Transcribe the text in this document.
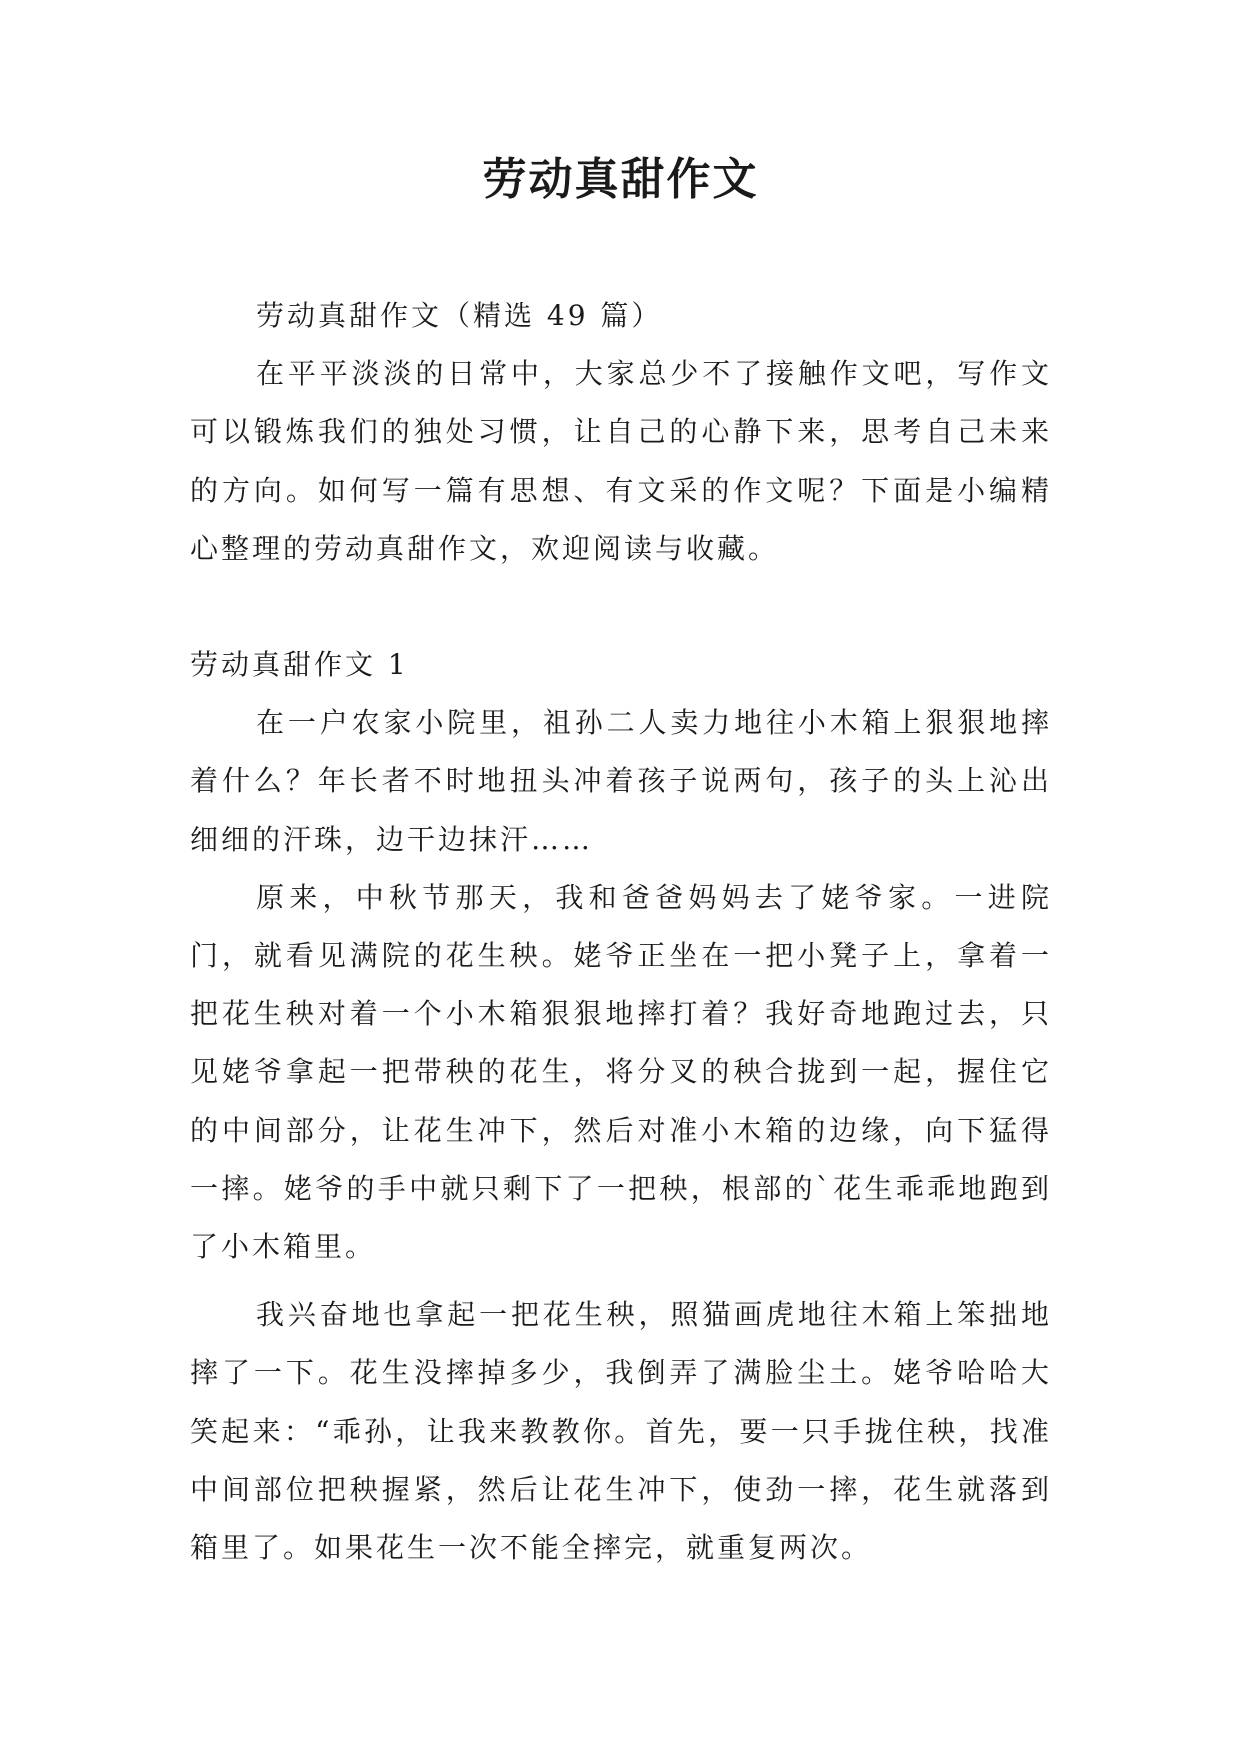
劳动真甜作文

劳动真甜作文（精选 49 篇）

在平平淡淡的日常中，大家总少不了接触作文吧，写作文可以锻炼我们的独处习惯，让自己的心静下来，思考自己未来的方向。如何写一篇有思想、有文采的作文呢？下面是小编精心整理的劳动真甜作文，欢迎阅读与收藏。

劳动真甜作文 1

在一户农家小院里，祖孙二人卖力地往小木箱上狠狠地摔着什么？年长者不时地扭头冲着孩子说两句，孩子的头上沁出细细的汗珠，边干边抹汗……

原来，中秋节那天，我和爸爸妈妈去了姥爷家。一进院门，就看见满院的花生秧。姥爷正坐在一把小凳子上，拿着一把花生秧对着一个小木箱狠狠地摔打着？我好奇地跑过去，只见姥爷拿起一把带秧的花生，将分叉的秧合拢到一起，握住它的中间部分，让花生冲下，然后对准小木箱的边缘，向下猛得一摔。姥爷的手中就只剩下了一把秧，根部的`花生乖乖地跑到了小木箱里。

我兴奋地也拿起一把花生秧，照猫画虎地往木箱上笨拙地摔了一下。花生没摔掉多少，我倒弄了满脸尘土。姥爷哈哈大笑起来：“乖孙，让我来教教你。首先，要一只手拢住秧，找准中间部位把秧握紧，然后让花生冲下，使劲一摔，花生就落到箱里了。如果花生一次不能全摔完，就重复两次。
